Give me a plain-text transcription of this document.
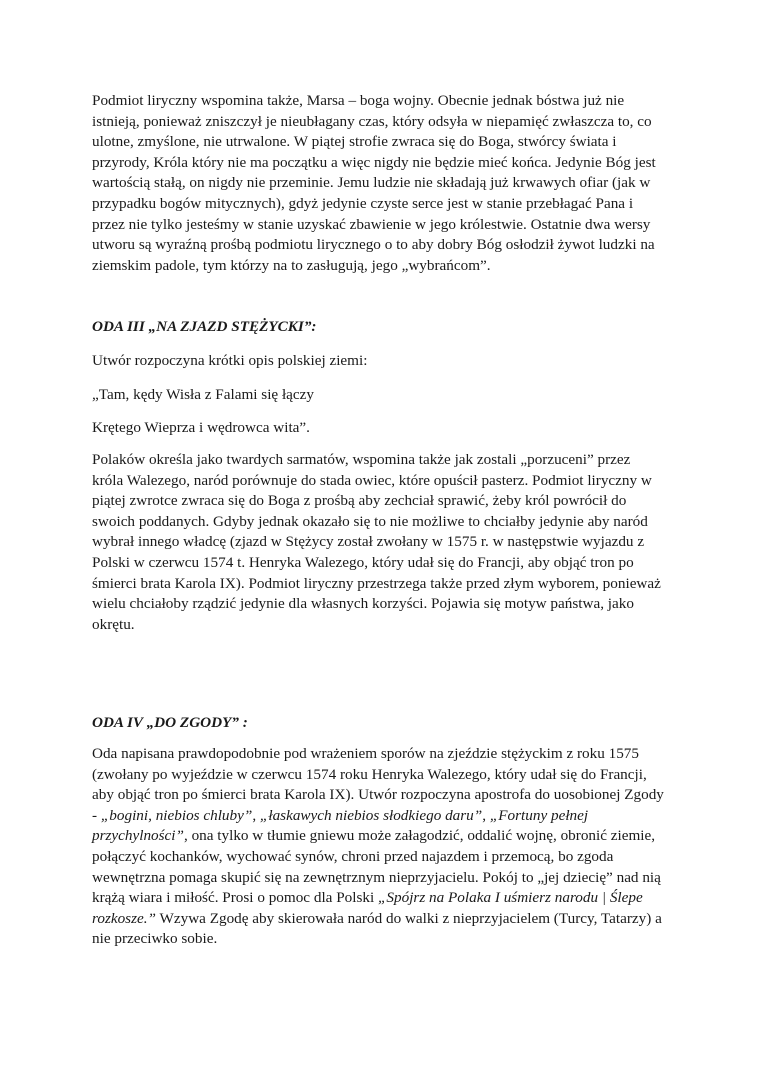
Podmiot liryczny wspomina także, Marsa – boga wojny. Obecnie jednak bóstwa już nie
istnieją, ponieważ zniszczył je nieubłagany czas, który odsyła w niepamięć zwłaszcza to, co
ulotne, zmyślone, nie utrwalone. W piątej strofie zwraca się do Boga, stwórcy świata i
przyrody, Króla który nie ma początku a więc nigdy nie będzie mieć końca. Jedynie Bóg jest
wartością stałą, on nigdy nie przeminie. Jemu ludzie nie składają już krwawych ofiar (jak w
przypadku bogów mitycznych), gdyż jedynie czyste serce jest w stanie przebłagać Pana i
przez nie tylko jesteśmy w stanie uzyskać zbawienie w jego królestwie. Ostatnie dwa wersy
utworu są wyraźną prośbą podmiotu lirycznego o to aby dobry Bóg osłodził żywot ludzki na
ziemskim padole, tym którzy na to zasługują, jego „wybrańcom”.
ODA III „NA ZJAZD STĘŻYCKI”:
Utwór rozpoczyna krótki opis polskiej ziemi:
„Tam, kędy Wisła z Falami się łączy
Krętego Wieprza i wędrowca wita”.
Polaków określa jako twardych sarmatów, wspomina także jak zostali „porzuceni” przez
króla Walezego, naród porównuje do stada owiec, które opuścił pasterz. Podmiot liryczny w
piątej zwrotce zwraca się do Boga z prośbą aby zechciał sprawić, żeby król powrócił do
swoich poddanych. Gdyby jednak okazało się to nie możliwe to chciałby jedynie aby naród
wybrał innego władcę (zjazd w Stężycy został zwołany w 1575 r. w następstwie wyjazdu z
Polski w czerwcu 1574 t. Henryka Walezego, który udał się do Francji, aby objąć tron po
śmierci brata Karola IX). Podmiot liryczny przestrzega także przed złym wyborem, ponieważ
wielu chciałoby rządzić jedynie dla własnych korzyści. Pojawia się motyw państwa, jako
okrętu.
ODA IV „DO ZGODY” :
Oda napisana prawdopodobnie pod wrażeniem sporów na zjeździe stężyckim z roku 1575
(zwołany po wyjeździe w czerwcu 1574 roku Henryka Walezego, który udał się do Francji,
aby objąć tron po śmierci brata Karola IX). Utwór rozpoczyna apostrofa do uosobionej Zgody
- „bogini, niebios chluby”, „łaskawych niebios słodkiego daru”, „Fortuny pełnej
przychylności”, ona tylko w tłumie gniewu może załagodzić, oddalić wojnę, obronić ziemie,
połączyć kochanków, wychować synów, chroni przed najazdem i przemocą, bo zgoda
wewnętrzna pomaga skupić się na zewnętrznym nieprzyjacielu. Pokój to „jej dziecię” nad nią
krążą wiara i miłość. Prosi o pomoc dla Polski „Spójrz na Polaka I uśmierz narodu | Ślepe
rozkosze.” Wzywa Zgodę aby skierowała naród do walki z nieprzyjacielem (Turcy, Tatarzy) a
nie przeciwko sobie.
